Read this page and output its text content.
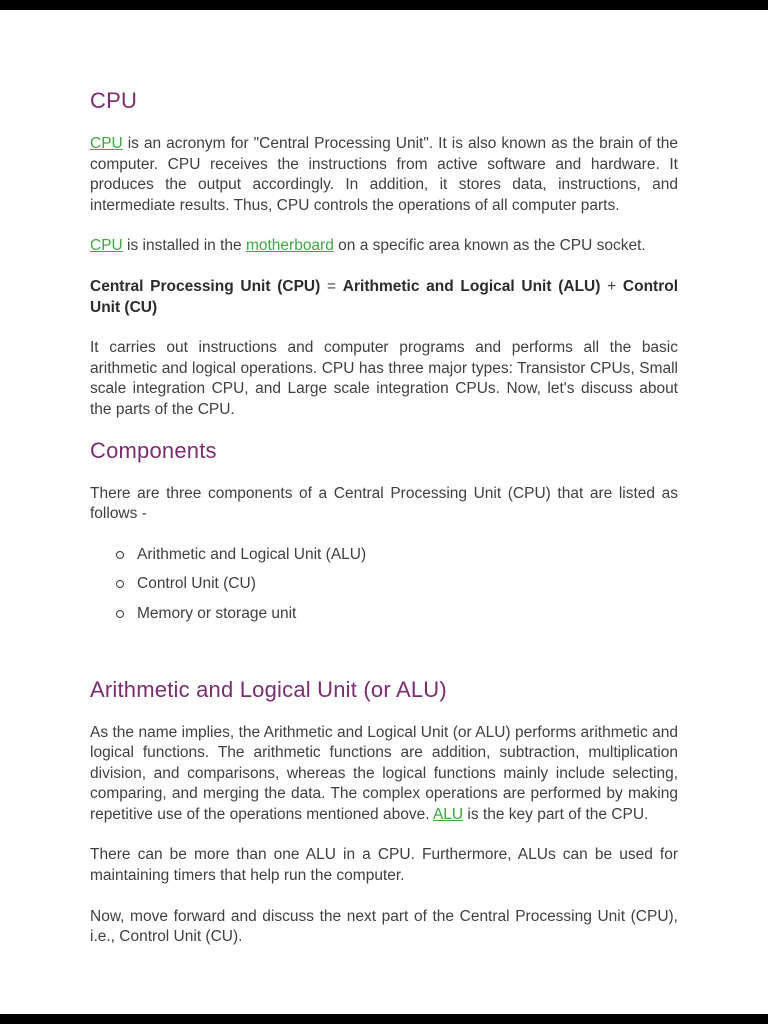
CPU

CPU is an acronym for "Central Processing Unit". It is also known as the brain of the computer. CPU receives the instructions from active software and hardware. It produces the output accordingly. In addition, it stores data, instructions, and intermediate results. Thus, CPU controls the operations of all computer parts.

CPU is installed in the motherboard on a specific area known as the CPU socket.

Central Processing Unit (CPU) = Arithmetic and Logical Unit (ALU) + Control Unit (CU)

It carries out instructions and computer programs and performs all the basic arithmetic and logical operations. CPU has three major types: Transistor CPUs, Small scale integration CPU, and Large scale integration CPUs. Now, let's discuss about the parts of the CPU.

Components

There are three components of a Central Processing Unit (CPU) that are listed as follows -

Arithmetic and Logical Unit (ALU)
Control Unit (CU)
Memory or storage unit
Arithmetic and Logical Unit (or ALU)

As the name implies, the Arithmetic and Logical Unit (or ALU) performs arithmetic and logical functions. The arithmetic functions are addition, subtraction, multiplication division, and comparisons, whereas the logical functions mainly include selecting, comparing, and merging the data. The complex operations are performed by making repetitive use of the operations mentioned above. ALU is the key part of the CPU.

There can be more than one ALU in a CPU. Furthermore, ALUs can be used for maintaining timers that help run the computer.

Now, move forward and discuss the next part of the Central Processing Unit (CPU), i.e., Control Unit (CU).
